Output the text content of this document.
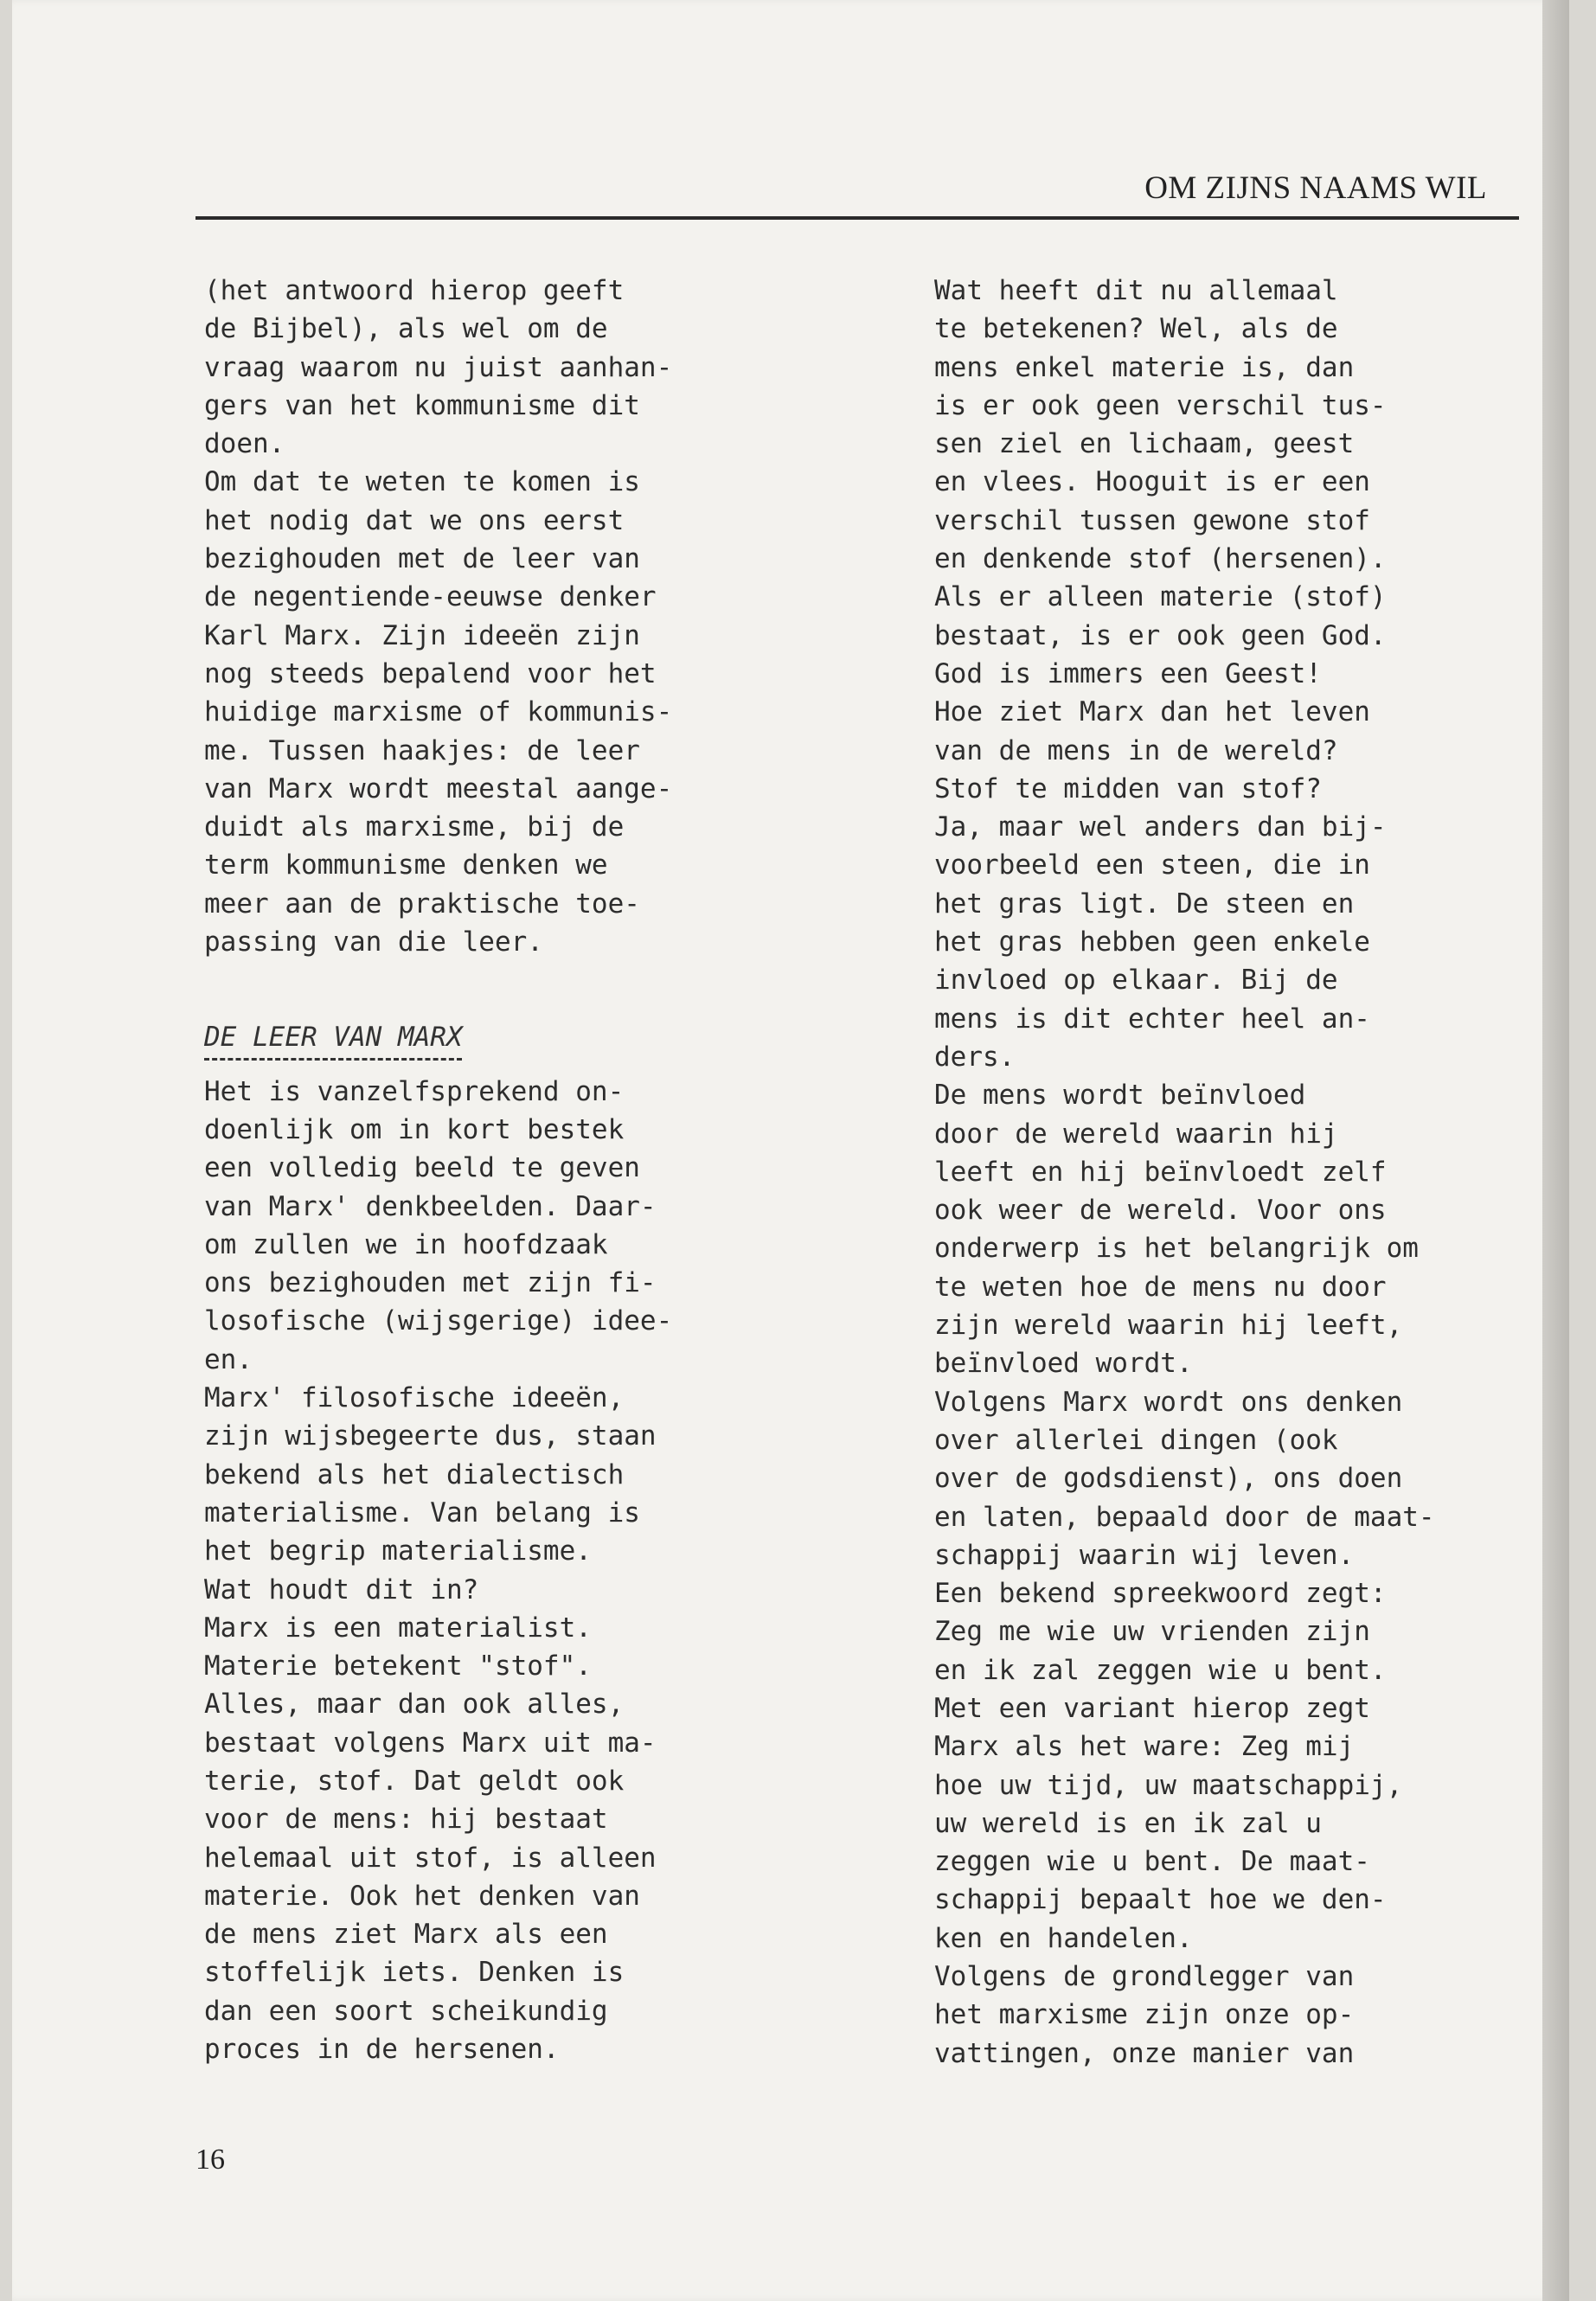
OM ZIJNS NAAMS WIL

(het antwoord hierop geeft

de Bijbel), als wel om de

vraag waarom nu juist aanhan-

gers van het kommunisme dit

doen.

Om dat te weten te komen is

het nodig dat we ons eerst

bezighouden met de leer van

de negentiende-eeuwse denker

Karl Marx. Zijn ideeën zijn

nog steeds bepalend voor het

huidige marxisme of kommunis-

me. Tussen haakjes: de leer

van Marx wordt meestal aange-

duidt als marxisme, bij de

term kommunisme denken we

meer aan de praktische toe-

passing van die leer.

DE LEER VAN MARX

Het is vanzelfsprekend on-

doenlijk om in kort bestek

een volledig beeld te geven

van Marx' denkbeelden. Daar-

om zullen we in hoofdzaak

ons bezighouden met zijn fi-

losofische (wijsgerige) idee-

en.

Marx' filosofische ideeën,

zijn wijsbegeerte dus, staan

bekend als het dialectisch

materialisme. Van belang is

het begrip materialisme.

Wat houdt dit in?

Marx is een materialist.

Materie betekent "stof".

Alles, maar dan ook alles,

bestaat volgens Marx uit ma-

terie, stof. Dat geldt ook

voor de mens: hij bestaat

helemaal uit stof, is alleen

materie. Ook het denken van

de mens ziet Marx als een

stoffelijk iets. Denken is

dan een soort scheikundig

proces in de hersenen.

Wat heeft dit nu allemaal

te betekenen? Wel, als de

mens enkel materie is, dan

is er ook geen verschil tus-

sen ziel en lichaam, geest

en vlees. Hooguit is er een

verschil tussen gewone stof

en denkende stof (hersenen).

Als er alleen materie (stof)

bestaat, is er ook geen God.

God is immers een Geest!

Hoe ziet Marx dan het leven

van de mens in de wereld?

Stof te midden van stof?

Ja, maar wel anders dan bij-

voorbeeld een steen, die in

het gras ligt. De steen en

het gras hebben geen enkele

invloed op elkaar. Bij de

mens is dit echter heel an-

ders.

De mens wordt beïnvloed

door de wereld waarin hij

leeft en hij beïnvloedt zelf

ook weer de wereld. Voor ons

onderwerp is het belangrijk om

te weten hoe de mens nu door

zijn wereld waarin hij leeft,

beïnvloed wordt.

Volgens Marx wordt ons denken

over allerlei dingen (ook

over de godsdienst), ons doen

en laten, bepaald door de maat-

schappij waarin wij leven.

Een bekend spreekwoord zegt:

Zeg me wie uw vrienden zijn

en ik zal zeggen wie u bent.

Met een variant hierop zegt

Marx als het ware: Zeg mij

hoe uw tijd, uw maatschappij,

uw wereld is en ik zal u

zeggen wie u bent. De maat-

schappij bepaalt hoe we den-

ken en handelen.

Volgens de grondlegger van

het marxisme zijn onze op-

vattingen, onze manier van

16
